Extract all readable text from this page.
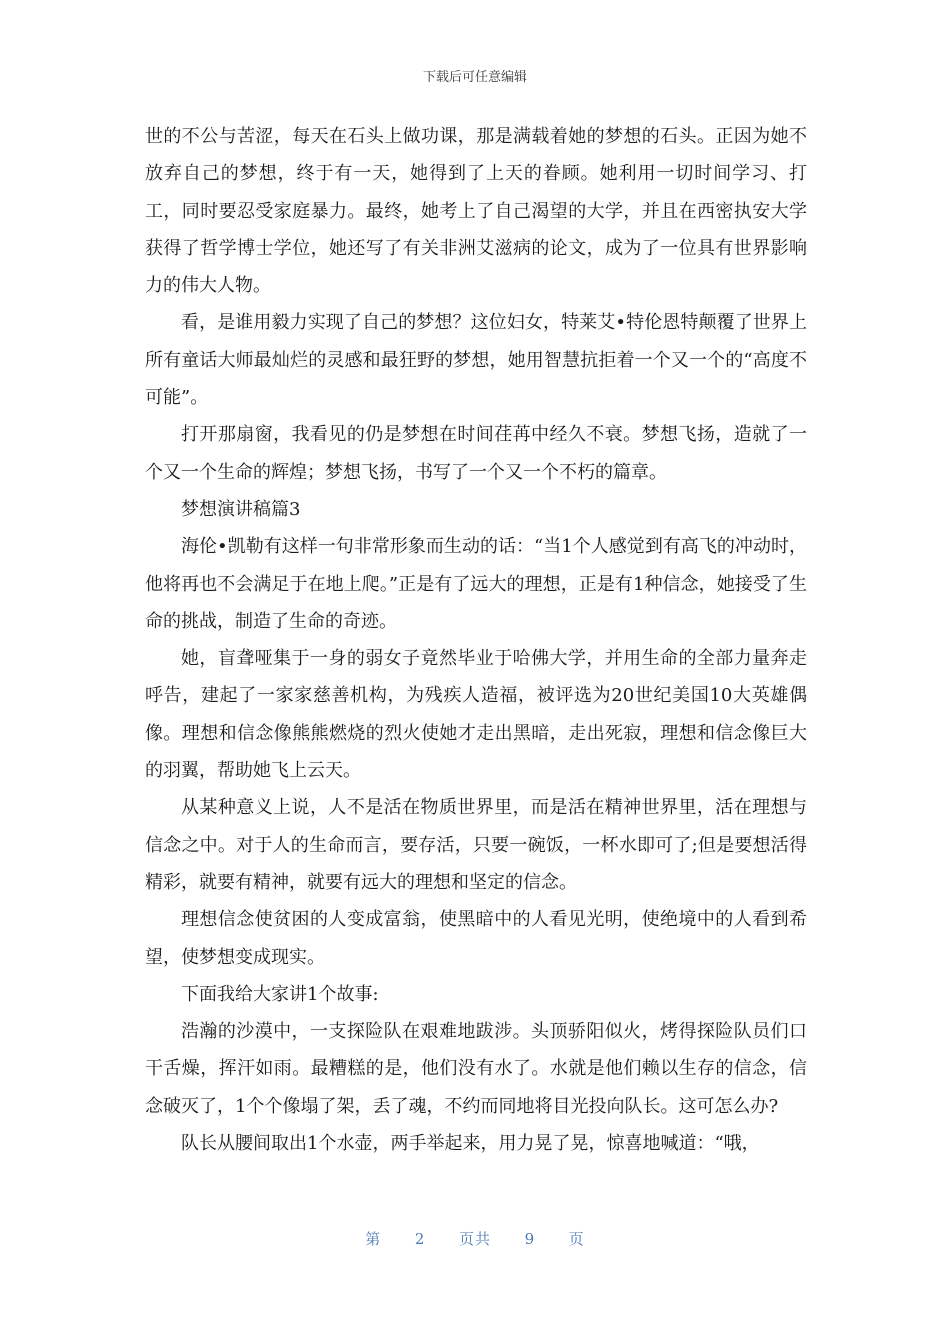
下载后可任意编辑

世的不公与苦涩，每天在石头上做功课，那是满载着她的梦想的石头。正因为她不放弃自己的梦想，终于有一天，她得到了上天的眷顾。她利用一切时间学习、打工，同时要忍受家庭暴力。最终，她考上了自己渴望的大学，并且在西密执安大学获得了哲学博士学位，她还写了有关非洲艾滋病的论文，成为了一位具有世界影响力的伟大人物。

看，是谁用毅力实现了自己的梦想？这位妇女，特莱艾•特伦恩特颠覆了世界上所有童话大师最灿烂的灵感和最狂野的梦想，她用智慧抗拒着一个又一个的“高度不可能”。

打开那扇窗，我看见的仍是梦想在时间荏苒中经久不衰。梦想飞扬，造就了一个又一个生命的辉煌；梦想飞扬，书写了一个又一个不朽的篇章。

梦想演讲稿篇3

海伦•凯勒有这样一句非常形象而生动的话：“当1个人感觉到有高飞的冲动时，他将再也不会满足于在地上爬。”正是有了远大的理想，正是有1种信念，她接受了生命的挑战，制造了生命的奇迹。

她，盲聋哑集于一身的弱女子竟然毕业于哈佛大学，并用生命的全部力量奔走呼告，建起了一家家慈善机构，为残疾人造福，被评选为20世纪美国10大英雄偶像。理想和信念像熊熊燃烧的烈火使她才走出黑暗，走出死寂，理想和信念像巨大的羽翼，帮助她飞上云天。

从某种意义上说，人不是活在物质世界里，而是活在精神世界里，活在理想与信念之中。对于人的生命而言，要存活，只要一碗饭，一杯水即可了;但是要想活得精彩，就要有精神，就要有远大的理想和坚定的信念。

理想信念使贫困的人变成富翁，使黑暗中的人看见光明，使绝境中的人看到希望，使梦想变成现实。

下面我给大家讲1个故事:

浩瀚的沙漠中，一支探险队在艰难地跋涉。头顶骄阳似火，烤得探险队员们口干舌燥，挥汗如雨。最糟糕的是，他们没有水了。水就是他们赖以生存的信念，信念破灭了，1个个像塌了架，丢了魂，不约而同地将目光投向队长。这可怎么办?

队长从腰间取出1个水壶，两手举起来，用力晃了晃，惊喜地喊道：“哦，

第 2 页共 9 页
